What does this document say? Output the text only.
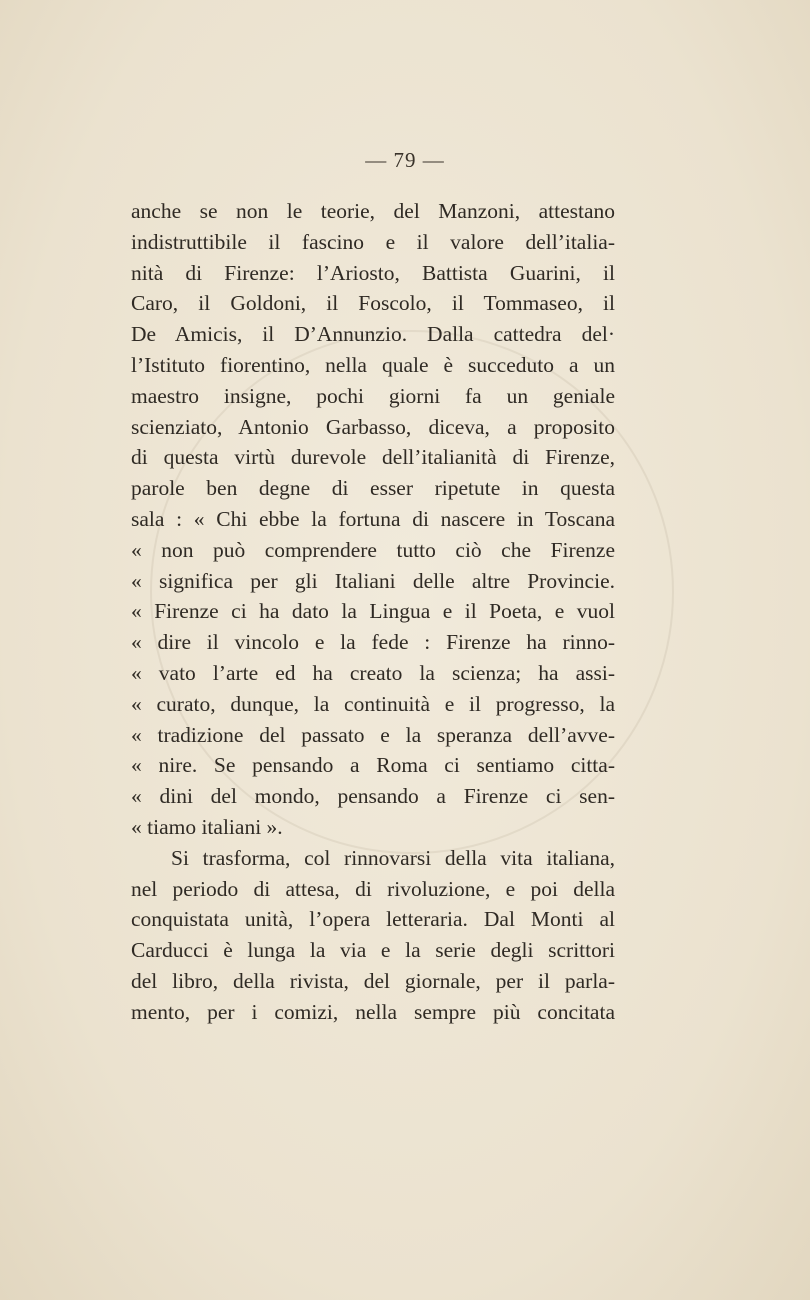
— 79 —
anche se non le teorie, del Manzoni, attestano
indistruttibile il fascino e il valore dell’italia-
nità di Firenze: l’Ariosto, Battista Guarini, il
Caro, il Goldoni, il Foscolo, il Tommaseo, il
De Amicis, il D’Annunzio. Dalla cattedra del·
l’Istituto fiorentino, nella quale è succeduto a un
maestro insigne, pochi giorni fa un geniale
scienziato, Antonio Garbasso, diceva, a proposito
di questa virtù durevole dell’italianità di Firenze,
parole ben degne di esser ripetute in questa
sala : « Chi ebbe la fortuna di nascere in Toscana
« non può comprendere tutto ciò che Firenze
« significa per gli Italiani delle altre Provincie.
« Firenze ci ha dato la Lingua e il Poeta, e vuol
« dire il vincolo e la fede : Firenze ha rinno-
« vato l’arte ed ha creato la scienza; ha assi-
« curato, dunque, la continuità e il progresso, la
« tradizione del passato e la speranza dell’avve-
« nire. Se pensando a Roma ci sentiamo citta-
« dini del mondo, pensando a Firenze ci sen-
« tiamo italiani ».
Si trasforma, col rinnovarsi della vita italiana,
nel periodo di attesa, di rivoluzione, e poi della
conquistata unità, l’opera letteraria. Dal Monti al
Carducci è lunga la via e la serie degli scrittori
del libro, della rivista, del giornale, per il parla-
mento, per i comizi, nella sempre più concitata
